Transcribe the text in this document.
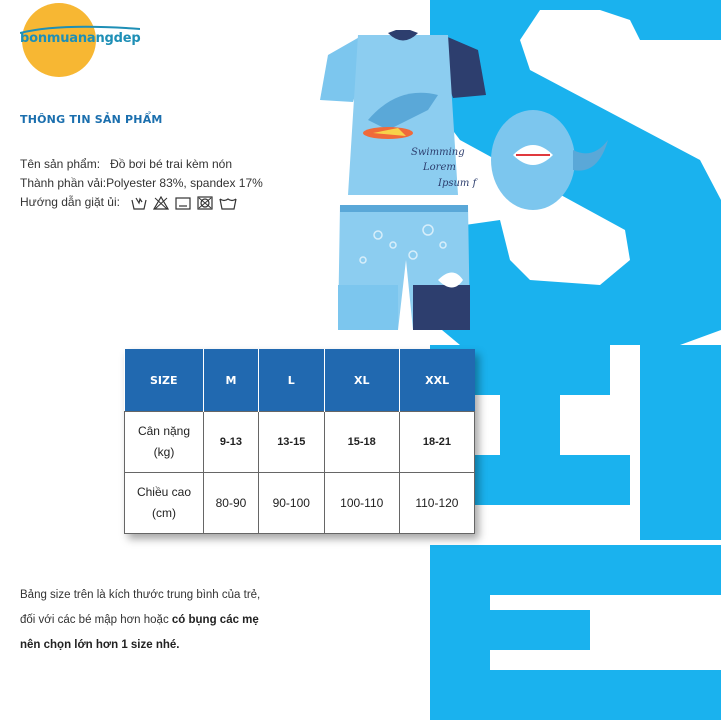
bonmuanangdep
THÔNG TIN SẢN PHẨM
Tên sản phẩm: Đồ bơi bé trai kèm nón
Thành phần vải:Polyester 83%, spandex 17%
Hướng dẫn giặt ủi:
Swimming
Lorem
Ipsum f
SIZE	M	L	XL	XXL

Cân nặng
(kg)	9-13	13-15	15-18	18-21

Chiều cao
(cm)	80-90	90-100	100-110	110-120
Bảng size trên là kích thước trung bình của trẻ,
đối với các bé mập hơn hoặc có bụng các mẹ
nên chọn lớn hơn 1 size nhé.
